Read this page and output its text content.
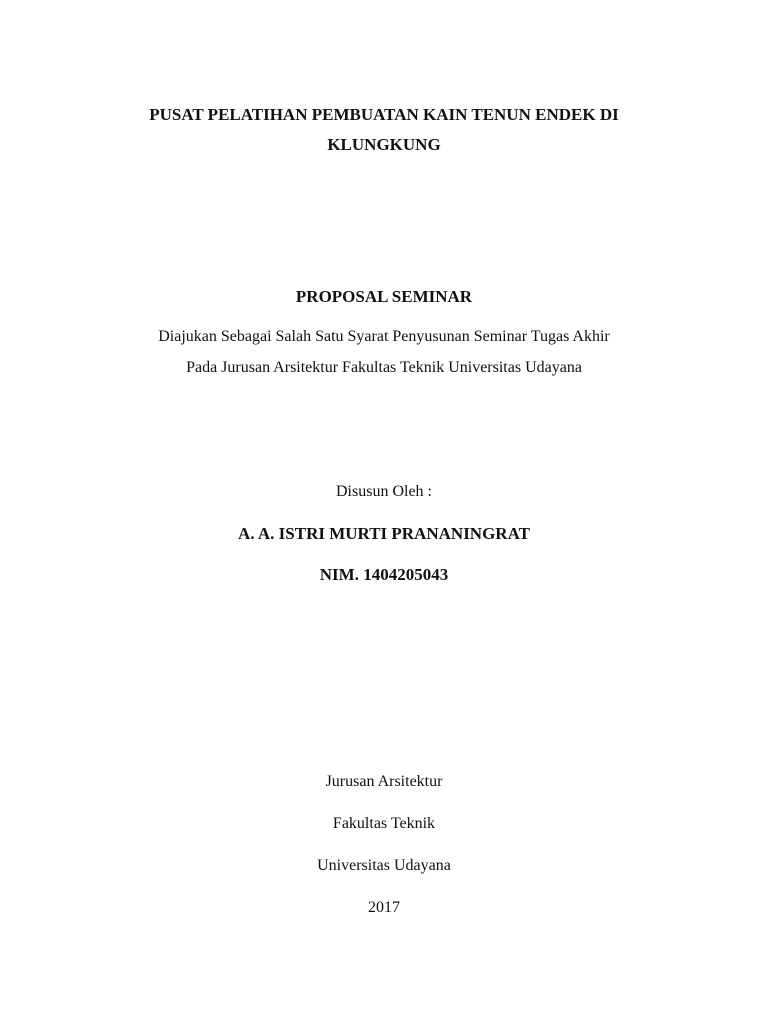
PUSAT PELATIHAN PEMBUATAN KAIN TENUN ENDEK DI
KLUNGKUNG
PROPOSAL SEMINAR
Diajukan Sebagai Salah Satu Syarat Penyusunan Seminar Tugas Akhir
Pada Jurusan Arsitektur Fakultas Teknik Universitas Udayana
Disusun Oleh :
A. A. ISTRI MURTI PRANANINGRAT
NIM. 1404205043
Jurusan Arsitektur
Fakultas Teknik
Universitas Udayana
2017
